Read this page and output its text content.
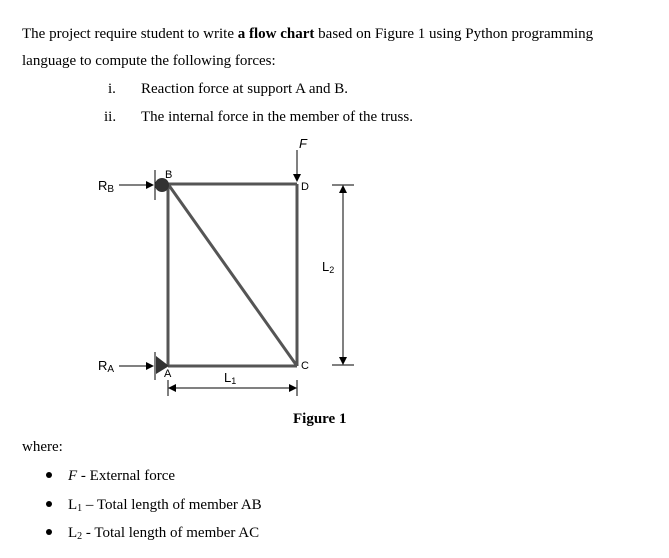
The project require student to write a flow chart based on Figure 1 using Python programming
language to compute the following forces:
i. Reaction force at support A and B.
ii. The internal force in the member of the truss.
RB
RA
F
B
D
C
A	L1
L2
Figure 1
where:
F - External force
$L_1$ – Total length of member AB
$L_2$ - Total length of member AC
